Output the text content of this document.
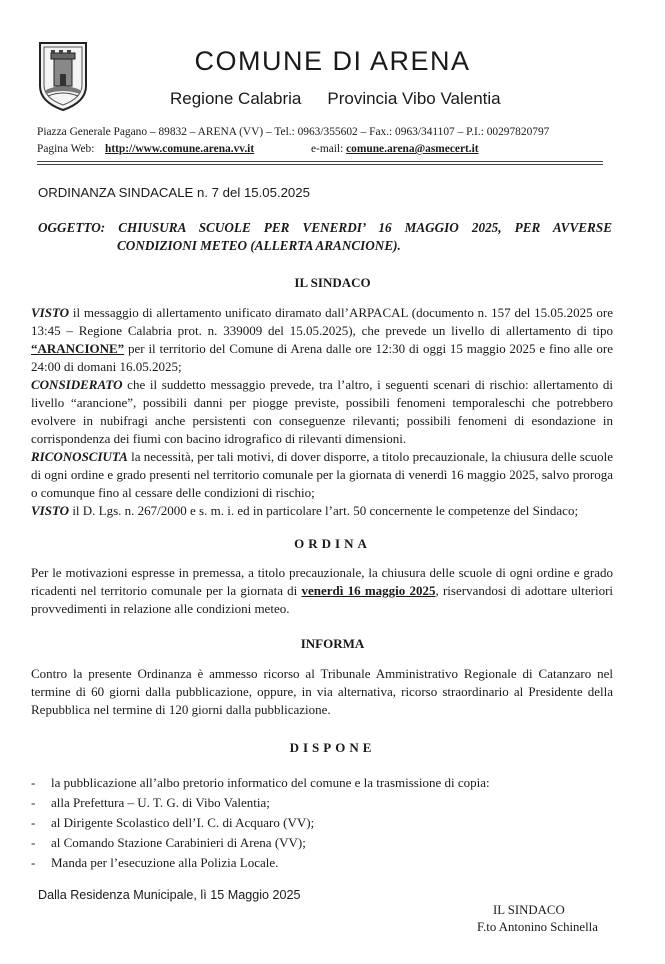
COMUNE DI ARENA
Regione Calabria Provincia Vibo Valentia
Piazza Generale Pagano – 89832 – ARENA (VV) – Tel.: 0963/355602 – Fax.: 0963/341107 – P.I.: 00297820797
Pagina Web: http://www.comune.arena.vv.it	e-mail: comune.arena@asmecert.it
ORDINANZA SINDACALE n. 7 del 15.05.2025
OGGETTO: CHIUSURA SCUOLE PER VENERDI’ 16 MAGGIO 2025, PER AVVERSE
CONDIZIONI METEO (ALLERTA ARANCIONE).
IL SINDACO
VISTO il messaggio di allertamento unificato diramato dall’ARPACAL (documento n. 157 del 15.05.2025 ore 13:45 – Regione Calabria prot. n. 339009 del 15.05.2025), che prevede un livello di allertamento di tipo “ARANCIONE” per il territorio del Comune di Arena dalle ore 12:30 di oggi 15 maggio 2025 e fino alle ore 24:00 di domani 16.05.2025;
CONSIDERATO che il suddetto messaggio prevede, tra l’altro, i seguenti scenari di rischio: allertamento di livello “arancione”, possibili danni per piogge previste, possibili fenomeni temporaleschi che potrebbero evolvere in nubifragi anche persistenti con conseguenze rilevanti; possibili fenomeni di esondazione in corrispondenza dei fiumi con bacino idrografico di rilevanti dimensioni.
RICONOSCIUTA la necessità, per tali motivi, di dover disporre, a titolo precauzionale, la chiusura delle scuole di ogni ordine e grado presenti nel territorio comunale per la giornata di venerdì 16 maggio 2025, salvo proroga o comunque fino al cessare delle condizioni di rischio;
VISTO il D. Lgs. n. 267/2000 e s. m. i. ed in particolare l’art. 50 concernente le competenze del Sindaco;
ORDINA
Per le motivazioni espresse in premessa, a titolo precauzionale, la chiusura delle scuole di ogni ordine e grado ricadenti nel territorio comunale per la giornata di venerdì 16 maggio 2025, riservandosi di adottare ulteriori provvedimenti in relazione alle condizioni meteo.
INFORMA
Contro la presente Ordinanza è ammesso ricorso al Tribunale Amministrativo Regionale di Catanzaro nel termine di 60 giorni dalla pubblicazione, oppure, in via alternativa, ricorso straordinario al Presidente della Repubblica nel termine di 120 giorni dalla pubblicazione.
DISPONE
- la pubblicazione all’albo pretorio informatico del comune e la trasmissione di copia:
- alla Prefettura – U. T. G. di Vibo Valentia;
- al Dirigente Scolastico dell’I. C. di Acquaro (VV);
- al Comando Stazione Carabinieri di Arena (VV);
- Manda per l’esecuzione alla Polizia Locale.
Dalla Residenza Municipale, lì 15 Maggio 2025
IL SINDACO
F.to Antonino Schinella
